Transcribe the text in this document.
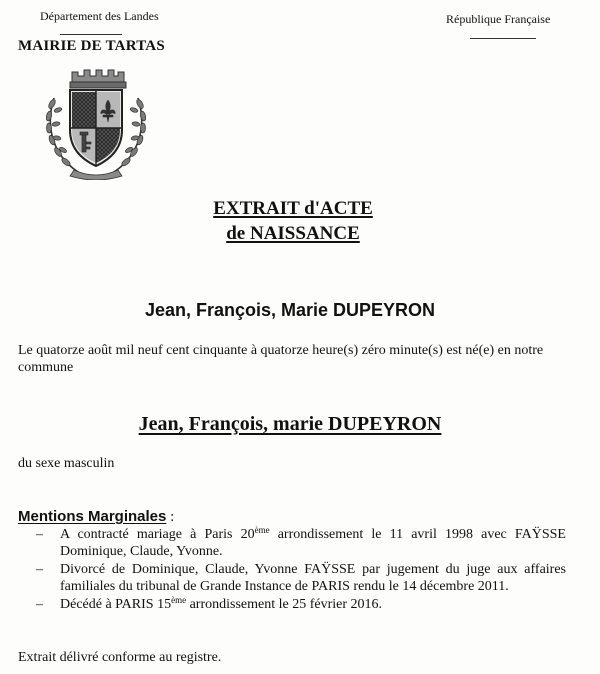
Département des Landes
MAIRIE DE TARTAS
République Française
EXTRAIT d'ACTE
de NAISSANCE
Jean, François, Marie DUPEYRON
Le quatorze août mil neuf cent cinquante à quatorze heure(s) zéro minute(s) est né(e) en notre commune
Jean, François, marie DUPEYRON
du sexe masculin
Mentions Marginales :
– A contracté mariage à Paris 20ème arrondissement le 11 avril 1998 avec FAŸSSE Dominique, Claude, Yvonne.
– Divorcé de Dominique, Claude, Yvonne FAŸSSE par jugement du juge aux affaires familiales du tribunal de Grande Instance de PARIS rendu le 14 décembre 2011.
– Décédé à PARIS 15ème arrondissement le 25 février 2016.
Extrait délivré conforme au registre.
